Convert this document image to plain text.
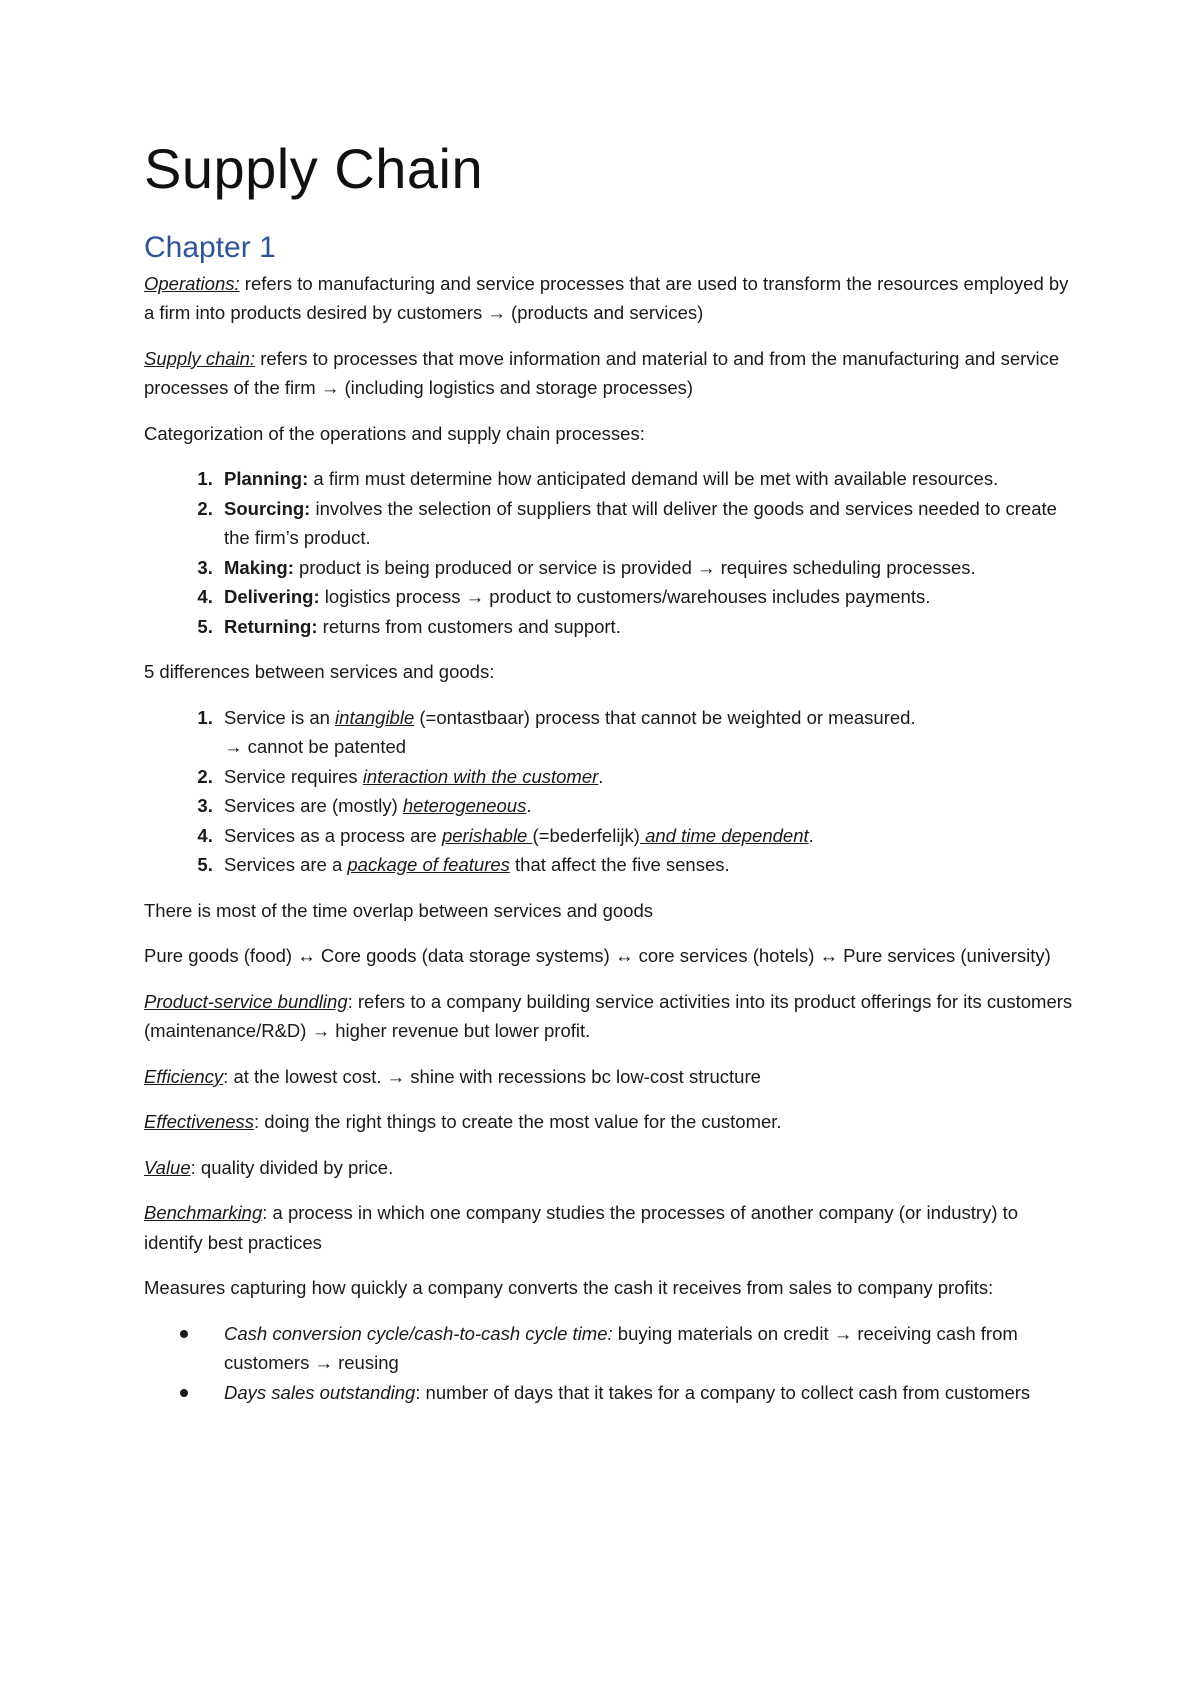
Supply Chain
Chapter 1

Operations: refers to manufacturing and service processes that are used to transform the resources employed by a firm into products desired by customers → (products and services)

Supply chain: refers to processes that move information and material to and from the manufacturing and service processes of the firm → (including logistics and storage processes)

Categorization of the operations and supply chain processes:

1. Planning: a firm must determine how anticipated demand will be met with available resources.
2. Sourcing: involves the selection of suppliers that will deliver the goods and services needed to create the firm’s product.
3. Making: product is being produced or service is provided → requires scheduling processes.
4. Delivering: logistics process → product to customers/warehouses includes payments.
5. Returning: returns from customers and support.

5 differences between services and goods:

1. Service is an intangible (=ontastbaar) process that cannot be weighted or measured.
→ cannot be patented
2. Service requires interaction with the customer.
3. Services are (mostly) heterogeneous.
4. Services as a process are perishable (=bederfelijk) and time dependent.
5. Services are a package of features that affect the five senses.

There is most of the time overlap between services and goods

Pure goods (food) ↔ Core goods (data storage systems) ↔ core services (hotels) ↔ Pure services (university)

Product-service bundling: refers to a company building service activities into its product offerings for its customers (maintenance/R&D) → higher revenue but lower profit.

Efficiency: at the lowest cost. → shine with recessions bc low-cost structure

Effectiveness: doing the right things to create the most value for the customer.

Value: quality divided by price.

Benchmarking: a process in which one company studies the processes of another company (or industry) to identify best practices

Measures capturing how quickly a company converts the cash it receives from sales to company profits:

Cash conversion cycle/cash-to-cash cycle time: buying materials on credit → receiving cash from customers → reusing
Days sales outstanding: number of days that it takes for a company to collect cash from customers
